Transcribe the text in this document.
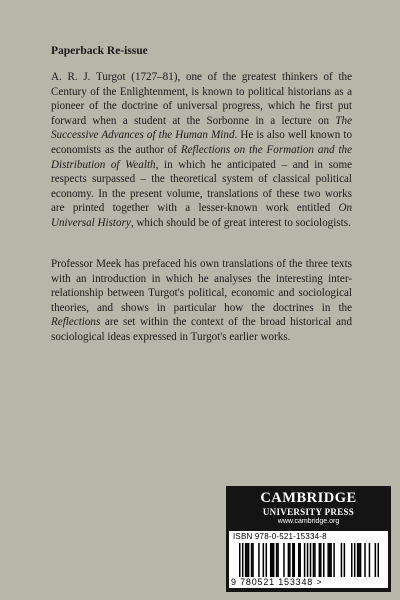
Paperback Re-issue

A. R. J. Turgot (1727–81), one of the greatest thinkers of the Century of the Enlightenment, is known to political historians as a pioneer of the doctrine of universal progress, which he first put forward when a student at the Sorbonne in a lecture on The Successive Advances of the Human Mind. He is also well known to economists as the author of Reflections on the Formation and the Distribution of Wealth, in which he anticipated – and in some respects surpassed – the theoretical system of classical political economy. In the present volume, translations of these two works are printed together with a lesser-known work entitled On Universal History, which should be of great interest to sociologists.

Professor Meek has prefaced his own translations of the three texts with an introduction in which he analyses the interesting inter-relationship between Turgot's political, economic and sociological theories, and shows in particular how the doctrines in the Reflections are set within the context of the broad historical and sociological ideas expressed in Turgot's earlier works.

CAMBRIDGE
UNIVERSITY PRESS
www.cambridge.org
ISBN 978-0-521-15334-8
9 780521 153348 >
